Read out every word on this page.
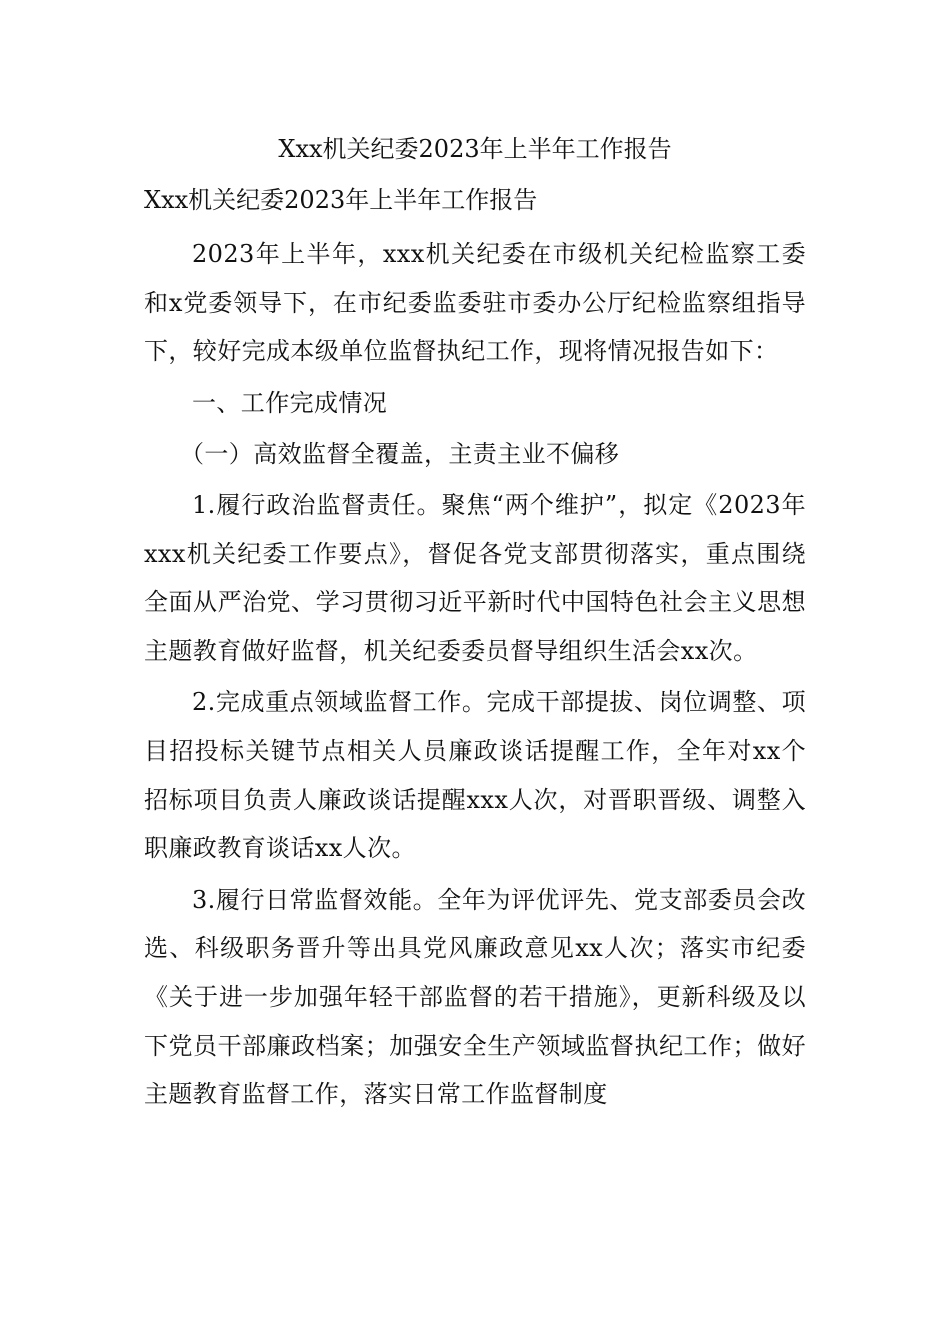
Xxx机关纪委2023年上半年工作报告
Xxx机关纪委2023年上半年工作报告

2023年上半年，xxx机关纪委在市级机关纪检监察工委和x党委领导下，在市纪委监委驻市委办公厅纪检监察组指导下，较好完成本级单位监督执纪工作，现将情况报告如下：

一、工作完成情况

（一）高效监督全覆盖，主责主业不偏移

1.履行政治监督责任。聚焦“两个维护”，拟定《2023年xxx机关纪委工作要点》，督促各党支部贯彻落实，重点围绕全面从严治党、学习贯彻习近平新时代中国特色社会主义思想主题教育做好监督，机关纪委委员督导组织生活会xx次。

2.完成重点领域监督工作。完成干部提拔、岗位调整、项目招投标关键节点相关人员廉政谈话提醒工作，全年对xx个招标项目负责人廉政谈话提醒xxx人次，对晋职晋级、调整入职廉政教育谈话xx人次。

3.履行日常监督效能。全年为评优评先、党支部委员会改选、科级职务晋升等出具党风廉政意见xx人次；落实市纪委《关于进一步加强年轻干部监督的若干措施》，更新科级及以下党员干部廉政档案；加强安全生产领域监督执纪工作；做好主题教育监督工作，落实日常工作监督制度
